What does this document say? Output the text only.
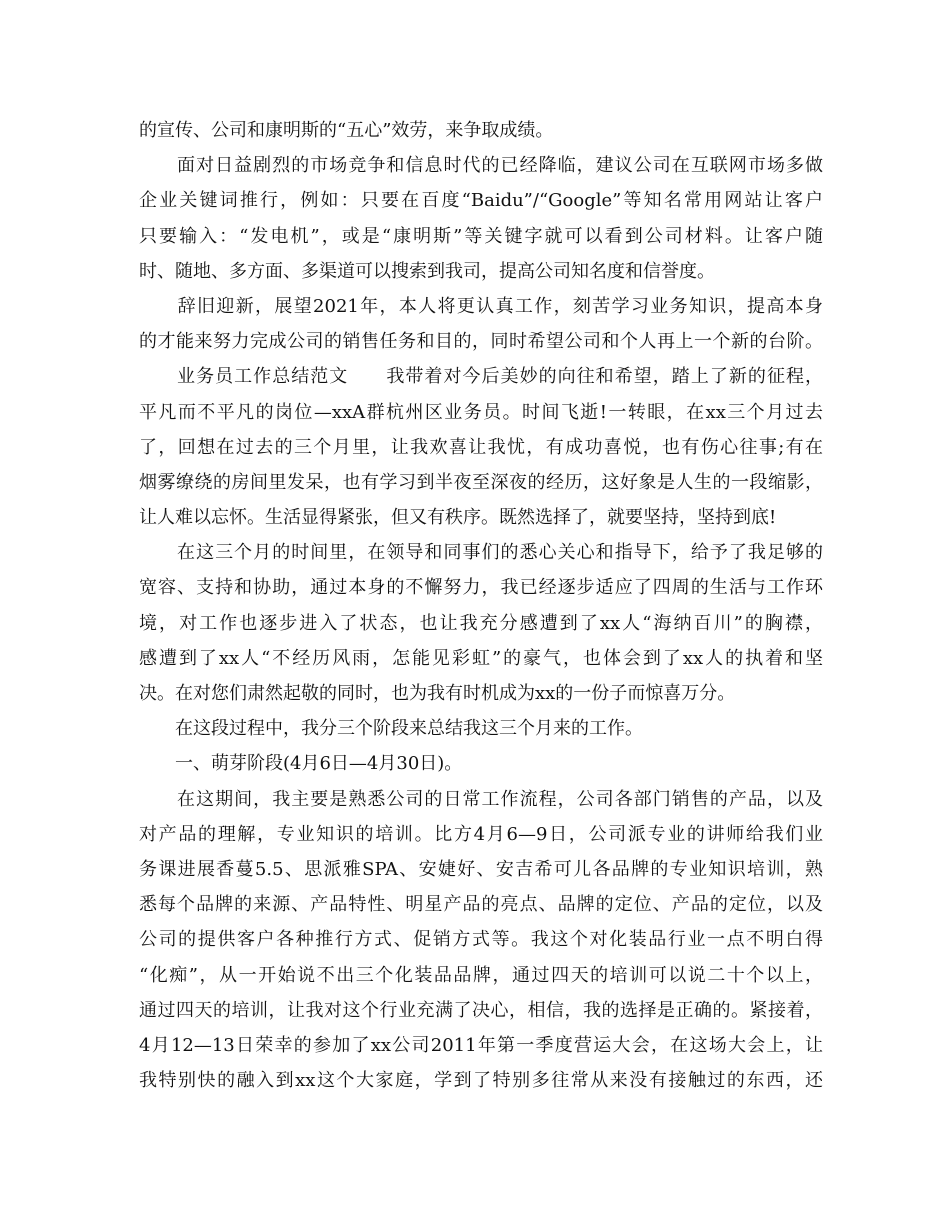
的宣传、公司和康明斯的“五心”效劳，来争取成绩。
　　面对日益剧烈的市场竞争和信息时代的已经降临，建议公司在互联网市场多做
企业关键词推行，例如：只要在百度“Baidu”/“Google”等知名常用网站让客户
只要输入：“发电机”，或是“康明斯”等关键字就可以看到公司材料。让客户随
时、随地、多方面、多渠道可以搜索到我司，提高公司知名度和信誉度。
　　辞旧迎新，展望2021年，本人将更认真工作，刻苦学习业务知识，提高本身
的才能来努力完成公司的销售任务和目的，同时希望公司和个人再上一个新的台阶。
　　业务员工作总结范文　　我带着对今后美妙的向往和希望，踏上了新的征程，
平凡而不平凡的岗位—xxA群杭州区业务员。时间飞逝!一转眼，在xx三个月过去
了，回想在过去的三个月里，让我欢喜让我忧，有成功喜悦，也有伤心往事;有在
烟雾缭绕的房间里发呆，也有学习到半夜至深夜的经历，这好象是人生的一段缩影，
让人难以忘怀。生活显得紧张，但又有秩序。既然选择了，就要坚持，坚持到底!
　　在这三个月的时间里，在领导和同事们的悉心关心和指导下，给予了我足够的
宽容、支持和协助，通过本身的不懈努力，我已经逐步适应了四周的生活与工作环
境，对工作也逐步进入了状态，也让我充分感遭到了xx人“海纳百川”的胸襟，
感遭到了xx人“不经历风雨，怎能见彩虹”的豪气，也体会到了xx人的执着和坚
决。在对您们肃然起敬的同时，也为我有时机成为xx的一份子而惊喜万分。
　　在这段过程中，我分三个阶段来总结我这三个月来的工作。
　　一、萌芽阶段(4月6日—4月30日)。
　　在这期间，我主要是熟悉公司的日常工作流程，公司各部门销售的产品，以及
对产品的理解，专业知识的培训。比方4月6—9日，公司派专业的讲师给我们业
务课进展香蔓5.5、思派雅SPA、安婕好、安吉希可儿各品牌的专业知识培训，熟
悉每个品牌的来源、产品特性、明星产品的亮点、品牌的定位、产品的定位，以及
公司的提供客户各种推行方式、促销方式等。我这个对化装品行业一点不明白得
“化痴”，从一开始说不出三个化装品品牌，通过四天的培训可以说二十个以上，
通过四天的培训，让我对这个行业充满了决心，相信，我的选择是正确的。紧接着，
4月12—13日荣幸的参加了xx公司2011年第一季度营运大会，在这场大会上，让
我特别快的融入到xx这个大家庭，学到了特别多往常从来没有接触过的东西，还
